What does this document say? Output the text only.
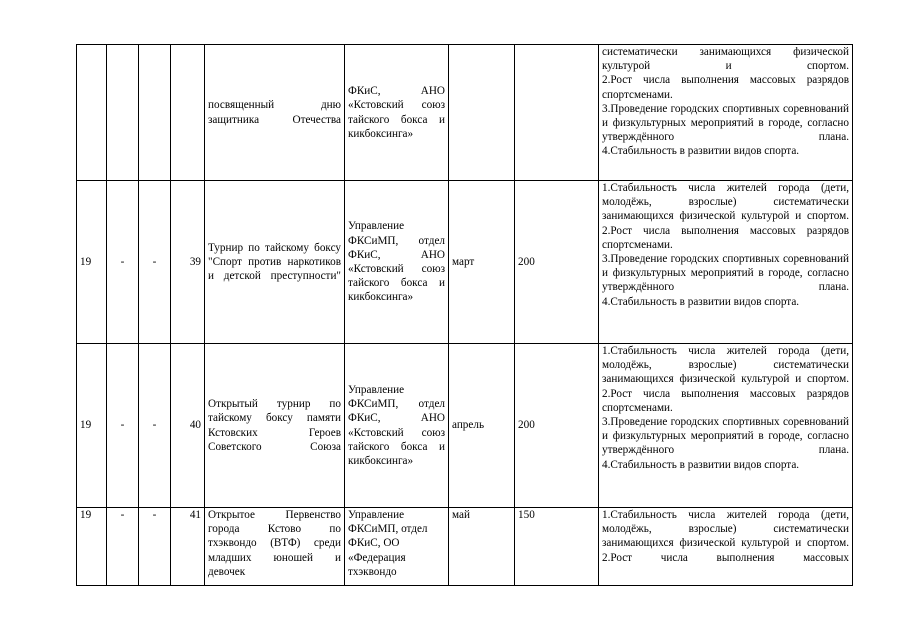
				посвященный дню защитника Отечества	ФКиС, АНО «Кстовский союз тайского бокса и кикбоксинга»			систематически занимающихся физической культурой и спортом.
2.Рост числа выполнения массовых разрядов спортсменами.
3.Проведение городских спортивных соревнований и физкультурных мероприятий в городе, согласно утверждённого плана.
4.Стабильность в развитии видов спорта.

19	-	-	39	Турнир по тайскому боксу "Спорт против наркотиков и детской преступности"	Управление ФКСиМП, отдел ФКиС, АНО «Кстовский союз тайского бокса и кикбоксинга»	март	200	1.Стабильность числа жителей города (дети, молодёжь, взрослые) систематически занимающихся физической культурой и спортом.
2.Рост числа выполнения массовых разрядов спортсменами.
3.Проведение городских спортивных соревнований и физкультурных мероприятий в городе, согласно утверждённого плана.
4.Стабильность в развитии видов спорта.

19	-	-	40	Открытый турнир по тайскому боксу памяти Кстовских Героев Советского Союза	Управление ФКСиМП, отдел ФКиС, АНО «Кстовский союз тайского бокса и кикбоксинга»	апрель	200	1.Стабильность числа жителей города (дети, молодёжь, взрослые) систематически занимающихся физической культурой и спортом.
2.Рост числа выполнения массовых разрядов спортсменами.
3.Проведение городских спортивных соревнований и физкультурных мероприятий в городе, согласно утверждённого плана.
4.Стабильность в развитии видов спорта.

19	-	-	41	Открытое Первенство города Кстово по тхэквондо (ВТФ) среди младших юношей и девочек	Управление ФКСиМП, отдел ФКиС, ОО «Федерация тхэквондо	май	150	1.Стабильность числа жителей города (дети, молодёжь, взрослые) систематически занимающихся физической культурой и спортом.
2.Рост числа выполнения массовых
